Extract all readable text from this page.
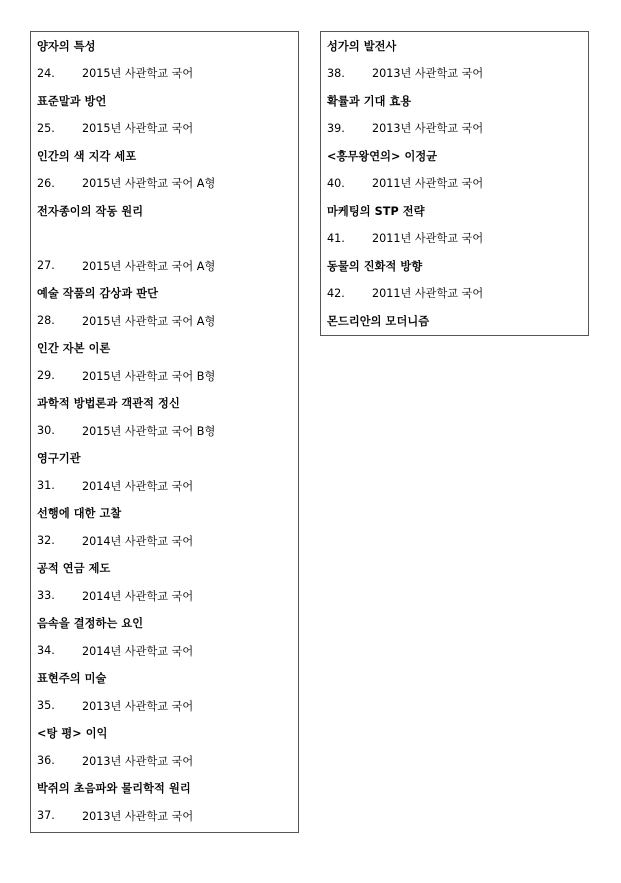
양자의 특성
24.	2015년 사관학교 국어
표준말과 방언
25.	2015년 사관학교 국어
인간의 색 지각 세포
26.	2015년 사관학교 국어 A형
전자종이의 작동 원리
27.	2015년 사관학교 국어 A형
예술 작품의 감상과 판단
28.	2015년 사관학교 국어 A형
인간 자본 이론
29.	2015년 사관학교 국어 B형
과학적 방법론과 객관적 정신
30.	2015년 사관학교 국어 B형
영구기관
31.	2014년 사관학교 국어
선행에 대한 고찰
32.	2014년 사관학교 국어
공적 연금 제도
33.	2014년 사관학교 국어
음속을 결정하는 요인
34.	2014년 사관학교 국어
표현주의 미술
35.	2013년 사관학교 국어
<탕 평> 이익
36.	2013년 사관학교 국어
박쥐의 초음파와 물리학적 원리
37.	2013년 사관학교 국어
성가의 발전사
38.	2013년 사관학교 국어
확률과 기대 효용
39.	2013년 사관학교 국어
<흥무왕연의> 이정균
40.	2011년 사관학교 국어
마케팅의 STP 전략
41.	2011년 사관학교 국어
동물의 진화적 방향
42.	2011년 사관학교 국어
몬드리안의 모더니즘
